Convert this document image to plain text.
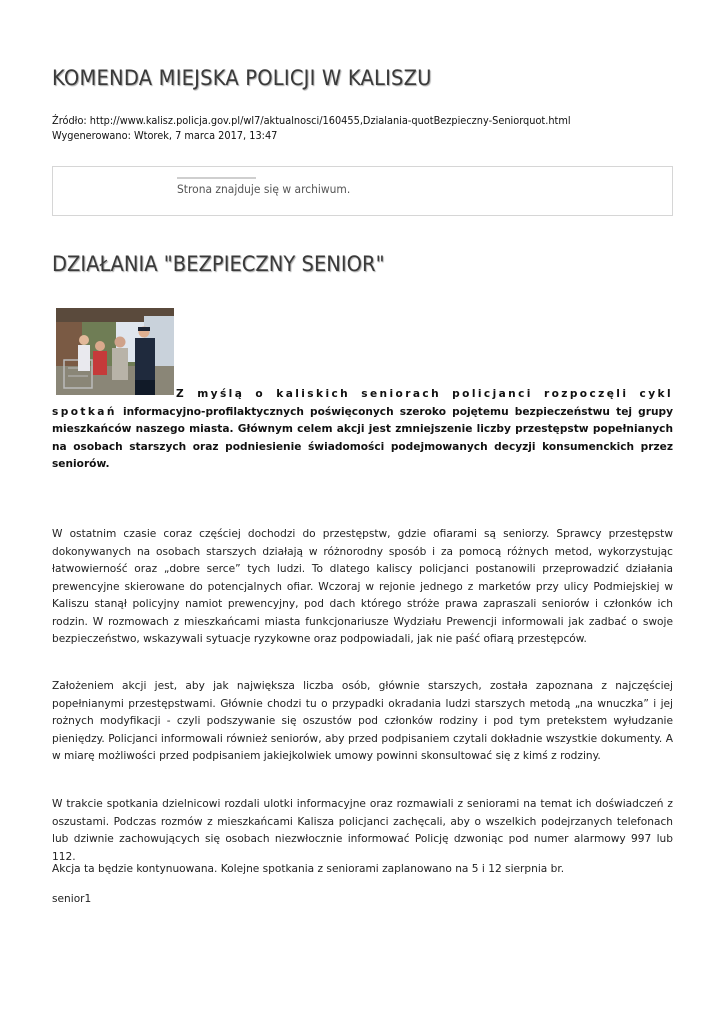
KOMENDA MIEJSKA POLICJI W KALISZU
Źródło: http://www.kalisz.policja.gov.pl/wl7/aktualnosci/160455,Dzialania-quotBezpieczny-Seniorquot.html
Wygenerowano: Wtorek, 7 marca 2017, 13:47
Strona znajduje się w archiwum.
DZIAŁANIA "BEZPIECZNY SENIOR"
Z myślą o kaliskich seniorach policjanci rozpoczęli cykl spotkań informacyjno-profilaktycznych poświęconych szeroko pojętemu bezpieczeństwu tej grupy mieszkańców naszego miasta. Głównym celem akcji jest zmniejszenie liczby przestępstw popełnianych na osobach starszych oraz podniesienie świadomości podejmowanych decyzji konsumenckich przez seniorów.

W ostatnim czasie coraz częściej dochodzi do przestępstw, gdzie ofiarami są seniorzy. Sprawcy przestępstw dokonywanych na osobach starszych działają w różnorodny sposób i za pomocą różnych metod, wykorzystując łatwowierność oraz „dobre serce” tych ludzi. To dlatego kaliscy policjanci postanowili przeprowadzić działania prewencyjne skierowane do potencjalnych ofiar. Wczoraj w rejonie jednego z marketów przy ulicy Podmiejskiej w Kaliszu stanął policyjny namiot prewencyjny, pod dach którego stróże prawa zapraszali seniorów i członków ich rodzin. W rozmowach z mieszkańcami miasta funkcjonariusze Wydziału Prewencji informowali jak zadbać o swoje bezpieczeństwo, wskazywali sytuacje ryzykowne oraz podpowiadali, jak nie paść ofiarą przestępców.

Założeniem akcji jest, aby jak największa liczba osób, głównie starszych, została zapoznana z najczęściej popełnianymi przestępstwami. Głównie chodzi tu o przypadki okradania ludzi starszych metodą „na wnuczka” i jej rożnych modyfikacji - czyli podszywanie się oszustów pod członków rodziny i pod tym pretekstem wyłudzanie pieniędzy. Policjanci informowali również seniorów, aby przed podpisaniem czytali dokładnie wszystkie dokumenty. A w miarę możliwości przed podpisaniem jakiejkolwiek umowy powinni skonsultować się z kimś z rodziny.

W trakcie spotkania dzielnicowi rozdali ulotki informacyjne oraz rozmawiali z seniorami na temat ich doświadczeń z oszustami. Podczas rozmów z mieszkańcami Kalisza policjanci zachęcali, aby o wszelkich podejrzanych telefonach lub dziwnie zachowujących się osobach niezwłocznie informować Policję dzwoniąc pod numer alarmowy 997 lub 112.

Akcja ta będzie kontynuowana. Kolejne spotkania z seniorami zaplanowano na 5 i 12 sierpnia br.

senior1
